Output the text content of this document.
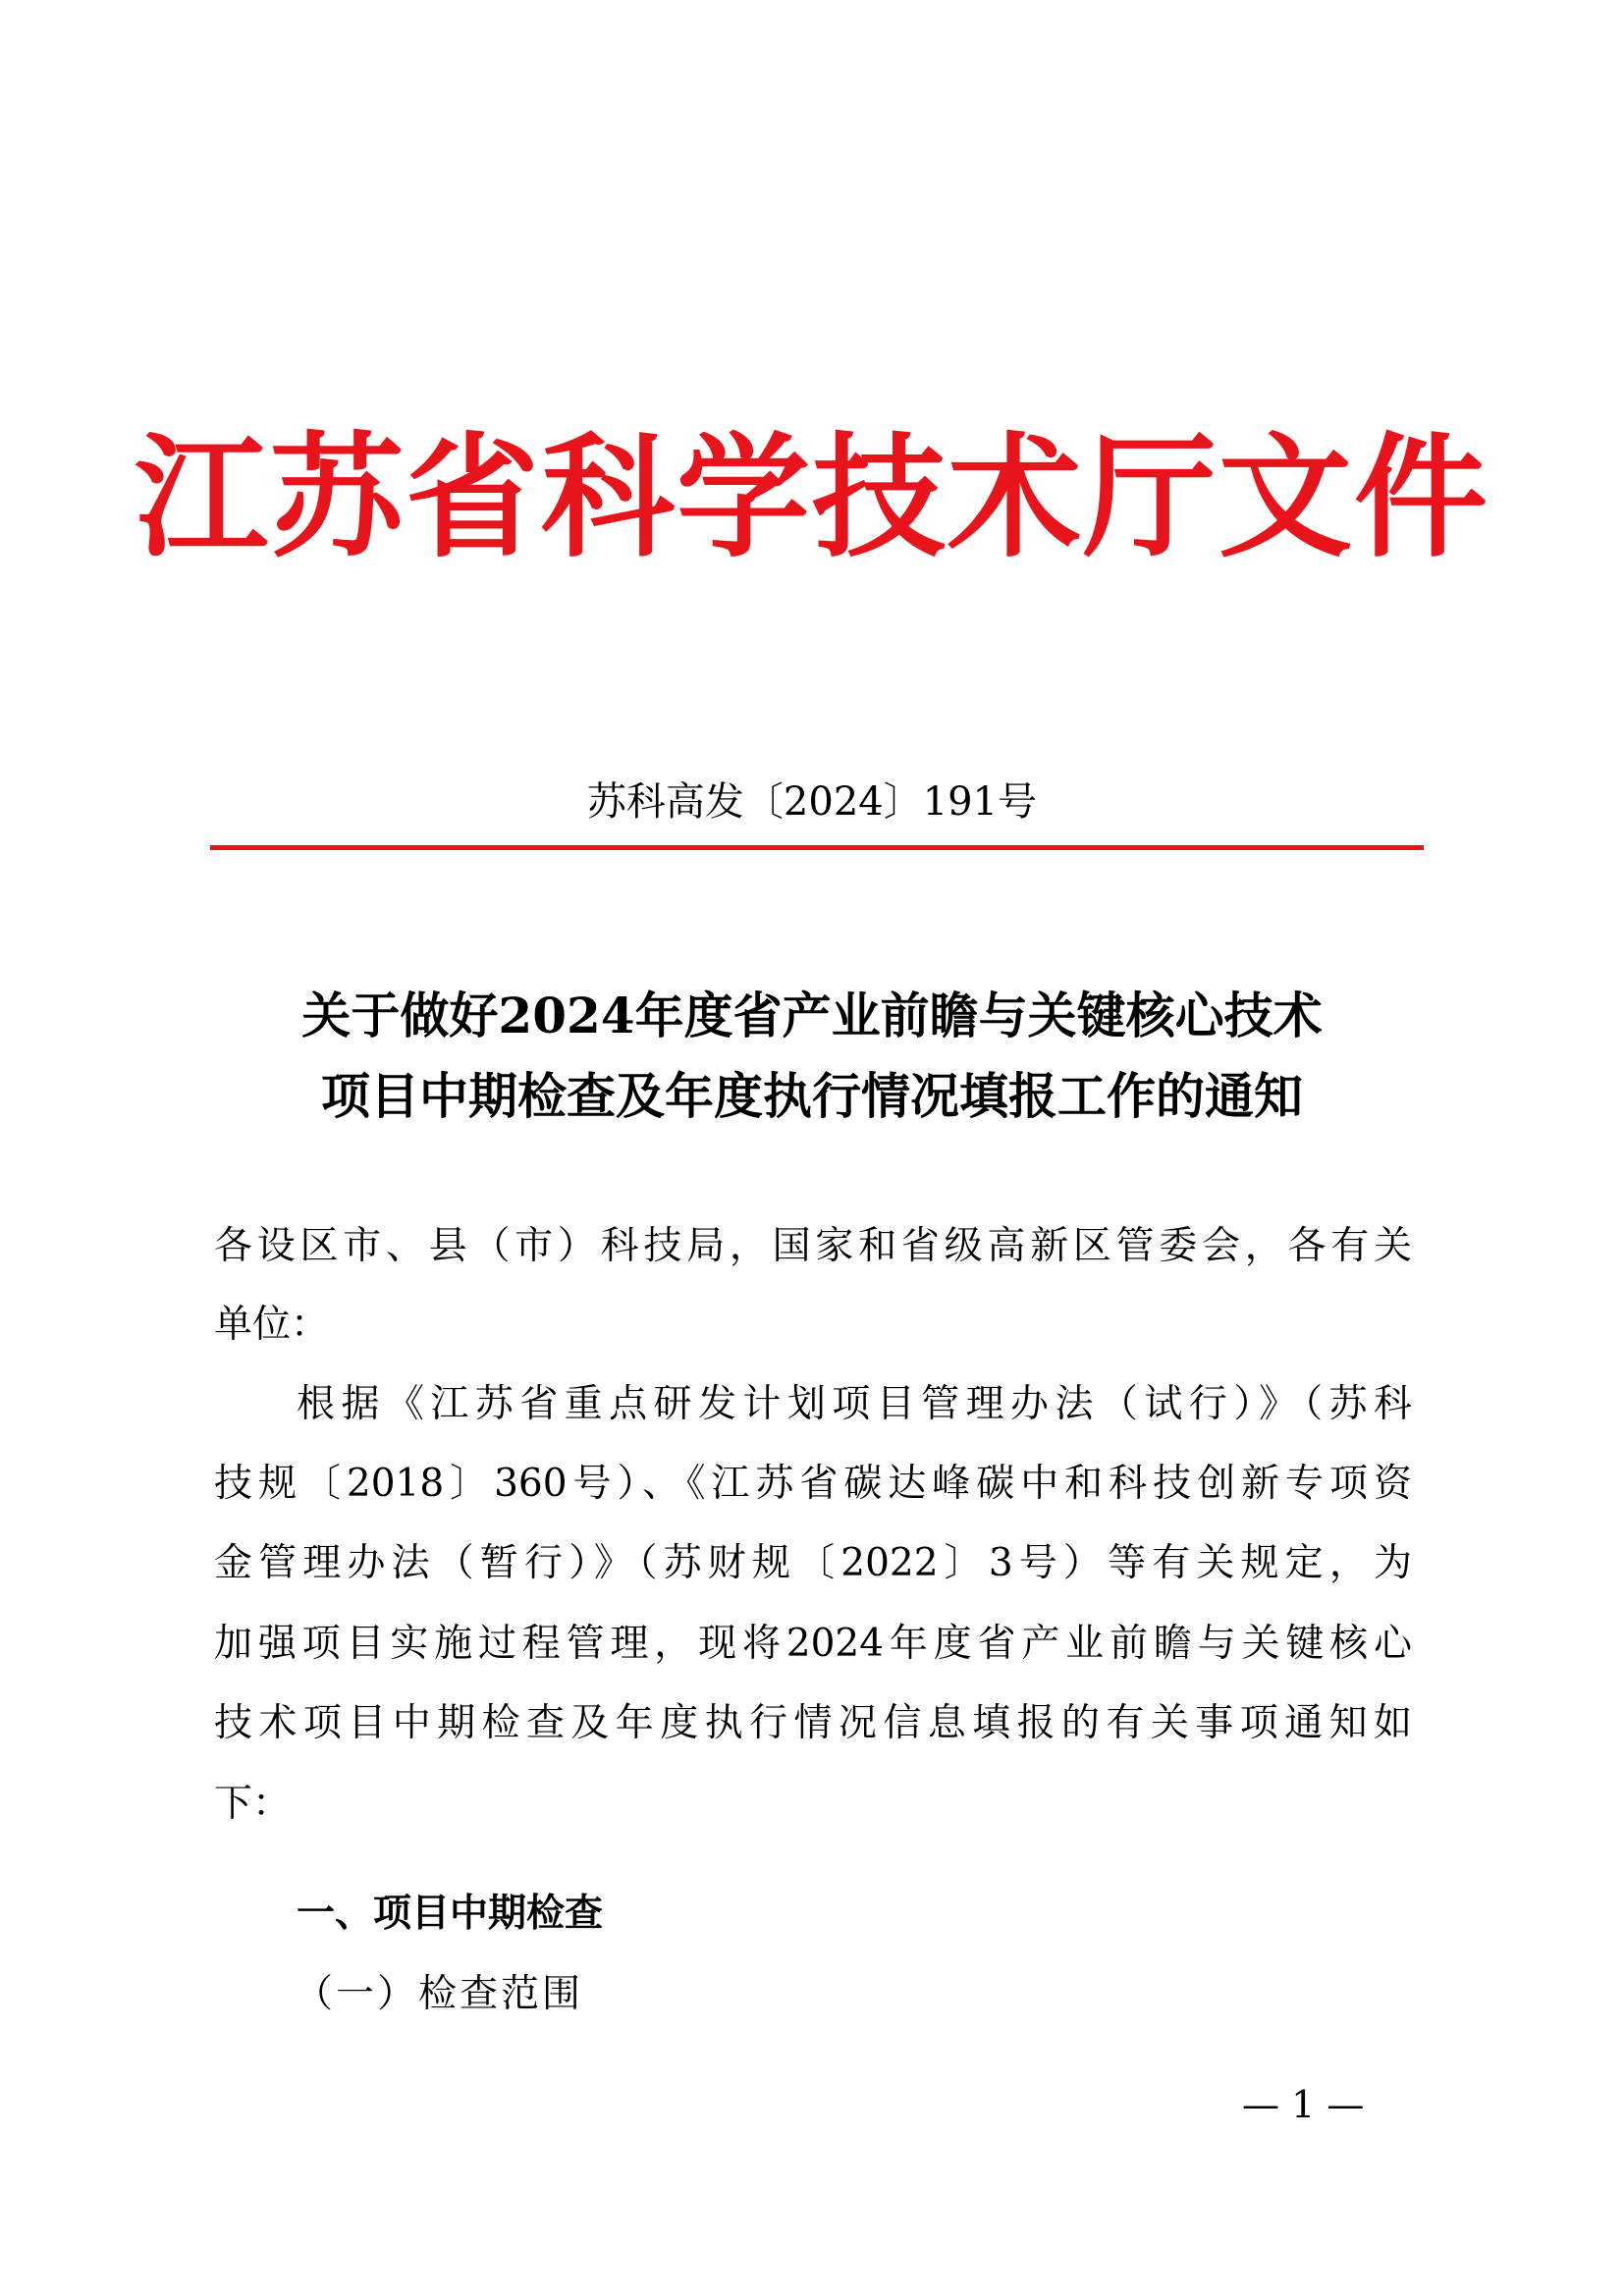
江苏省科学技术厅文件
苏科高发〔2024〕191号
关于做好2024年度省产业前瞻与关键核心技术
项目中期检查及年度执行情况填报工作的通知
各设区市、县（市）科技局，国家和省级高新区管委会，各有关
单位：
根据《江苏省重点研发计划项目管理办法（试行）》（苏科
技规〔2018〕360号）、《江苏省碳达峰碳中和科技创新专项资
金管理办法（暂行）》（苏财规〔2022〕3号）等有关规定，为
加强项目实施过程管理，现将2024年度省产业前瞻与关键核心
技术项目中期检查及年度执行情况信息填报的有关事项通知如
下：
一、项目中期检查
（一）检查范围
— 1 —
